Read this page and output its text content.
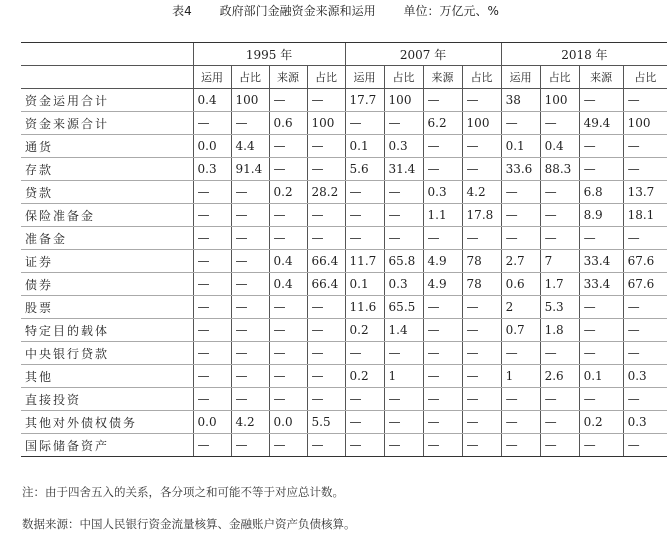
表4 政府部门金融资金来源和运用 单位：万亿元、%
	1995 年				2007 年				2018 年			
	运用	占比	来源	占比	运用	占比	来源	占比	运用	占比	来源	占比
资金运用合计	0.4	100	—	—	17.7	100	—	—	38	100	—	—
资金来源合计	—	—	0.6	100	—	—	6.2	100	—	—	49.4	100
通货	0.0	4.4	—	—	0.1	0.3	—	—	0.1	0.4	—	—
存款	0.3	91.4	—	—	5.6	31.4	—	—	33.6	88.3	—	—
贷款	—	—	0.2	28.2	—	—	0.3	4.2	—	—	6.8	13.7
保险准备金	—	—	—	—	—	—	1.1	17.8	—	—	8.9	18.1
准备金	—	—	—	—	—	—	—	—	—	—	—	—
证券	—	—	0.4	66.4	11.7	65.8	4.9	78	2.7	7	33.4	67.6
债券	—	—	0.4	66.4	0.1	0.3	4.9	78	0.6	1.7	33.4	67.6
股票	—	—	—	—	11.6	65.5	—	—	2	5.3	—	—
特定目的载体	—	—	—	—	0.2	1.4	—	—	0.7	1.8	—	—
中央银行贷款	—	—	—	—	—	—	—	—	—	—	—	—
其他	—	—	—	—	0.2	1	—	—	1	2.6	0.1	0.3
直接投资	—	—	—	—	—	—	—	—	—	—	—	—
其他对外债权债务	0.0	4.2	0.0	5.5	—	—	—	—	—	—	0.2	0.3
国际储备资产	—	—	—	—	—	—	—	—	—	—	—	—
注：由于四舍五入的关系，各分项之和可能不等于对应总计数。
数据来源：中国人民银行资金流量核算、金融账户资产负债核算。
